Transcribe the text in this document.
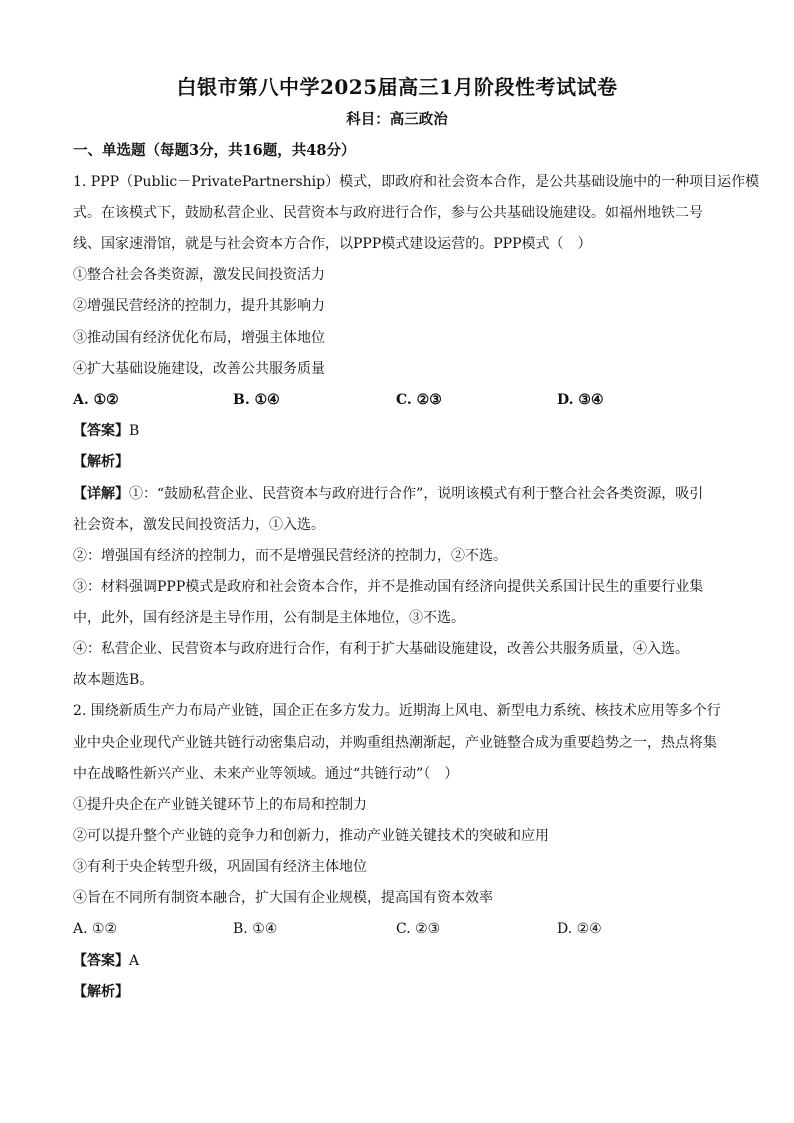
白银市第八中学2025届高三1月阶段性考试试卷
科目：高三政治
一、单选题（每题3分，共16题，共48分）
1. PPP（Public－PrivatePartnership）模式，即政府和社会资本合作，是公共基础设施中的一种项目运作模
式。在该模式下，鼓励私营企业、民营资本与政府进行合作，参与公共基础设施建设。如福州地铁二号
线、国家速滑馆，就是与社会资本方合作，以PPP模式建设运营的。PPP模式（　）
①整合社会各类资源，激发民间投资活力
②增强民营经济的控制力，提升其影响力
③推动国有经济优化布局，增强主体地位
④扩大基础设施建设，改善公共服务质量
A. ①②	B. ①④	C. ②③	D. ③④
【答案】B
【解析】
【详解】①：“鼓励私营企业、民营资本与政府进行合作”，说明该模式有利于整合社会各类资源，吸引
社会资本，激发民间投资活力，①入选。
②：增强国有经济的控制力，而不是增强民营经济的控制力，②不选。
③：材料强调PPP模式是政府和社会资本合作，并不是推动国有经济向提供关系国计民生的重要行业集
中，此外，国有经济是主导作用，公有制是主体地位，③不选。
④：私营企业、民营资本与政府进行合作，有利于扩大基础设施建设，改善公共服务质量，④入选。
故本题选B。
2. 围绕新质生产力布局产业链，国企正在多方发力。近期海上风电、新型电力系统、核技术应用等多个行
业中央企业现代产业链共链行动密集启动，并购重组热潮渐起，产业链整合成为重要趋势之一，热点将集
中在战略性新兴产业、未来产业等领域。通过“共链行动”（　）
①提升央企在产业链关键环节上的布局和控制力
②可以提升整个产业链的竞争力和创新力，推动产业链关键技术的突破和应用
③有利于央企转型升级，巩固国有经济主体地位
④旨在不同所有制资本融合，扩大国有企业规模，提高国有资本效率
A. ①②	B. ①④	C. ②③	D. ②④
【答案】A
【解析】
